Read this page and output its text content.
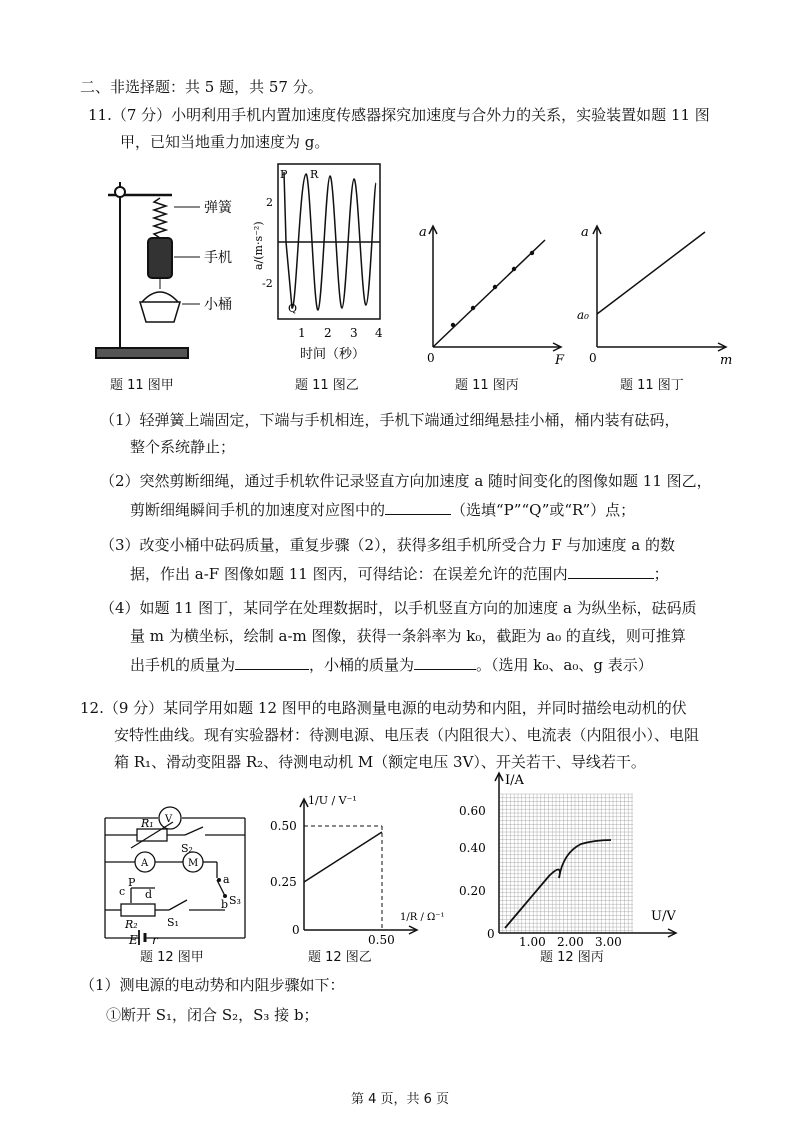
二、非选择题：共 5 题，共 57 分。
11.（7 分）小明利用手机内置加速度传感器探究加速度与合外力的关系，实验装置如题 11 图
甲，已知当地重力加速度为 g。
弹簧
手机
小桶
题 11 图甲
2
-2
P R
Q
a/(m·s⁻²)
1 2 3 4
时间（秒）
题 11 图乙
a
0	F
题 11 图丙
a
a₀
0	m
题 11 图丁
（1）轻弹簧上端固定，下端与手机相连，手机下端通过细绳悬挂小桶，桶内装有砝码，
整个系统静止；
（2）突然剪断细绳，通过手机软件记录竖直方向加速度 a 随时间变化的图像如题 11 图乙，
剪断细绳瞬间手机的加速度对应图中的	（选填“P”“Q”或“R”）点；
（3）改变小桶中砝码质量，重复步骤（2），获得多组手机所受合力 F 与加速度 a 的数
据，作出 a-F 图像如题 11 图丙，可得结论：在误差允许的范围内	；
（4）如题 11 图丁，某同学在处理数据时，以手机竖直方向的加速度 a 为纵坐标，砝码质
量 m 为横坐标，绘制 a-m 图像，获得一条斜率为 k₀，截距为 a₀ 的直线，则可推算
出手机的质量为	，小桶的质量为	。（选用 k₀、a₀、g 表示）
12.（9 分）某同学用如题 12 图甲的电路测量电源的电动势和内阻，并同时描绘电动机的伏
安特性曲线。现有实验器材：待测电源、电压表（内阻很大）、电流表（内阻很小）、电阻
箱 R₁、滑动变阻器 R₂、待测电动机 M（额定电压 3V）、开关若干、导线若干。
V
R₁
S₂
A	M
a
c
P
d
b S₃
R₂	S₁
E r
题 12 图甲
1/U / V⁻¹
0.50
0.25
0
0.50
1/R / Ω⁻¹
题 12 图乙
I/A
0.60
0.40
0.20
0
1.00 2.00 3.00
U/V
题 12 图丙
（1）测电源的电动势和内阻步骤如下：
①断开 S₁，闭合 S₂，S₃ 接 b；
第 4 页，共 6 页
